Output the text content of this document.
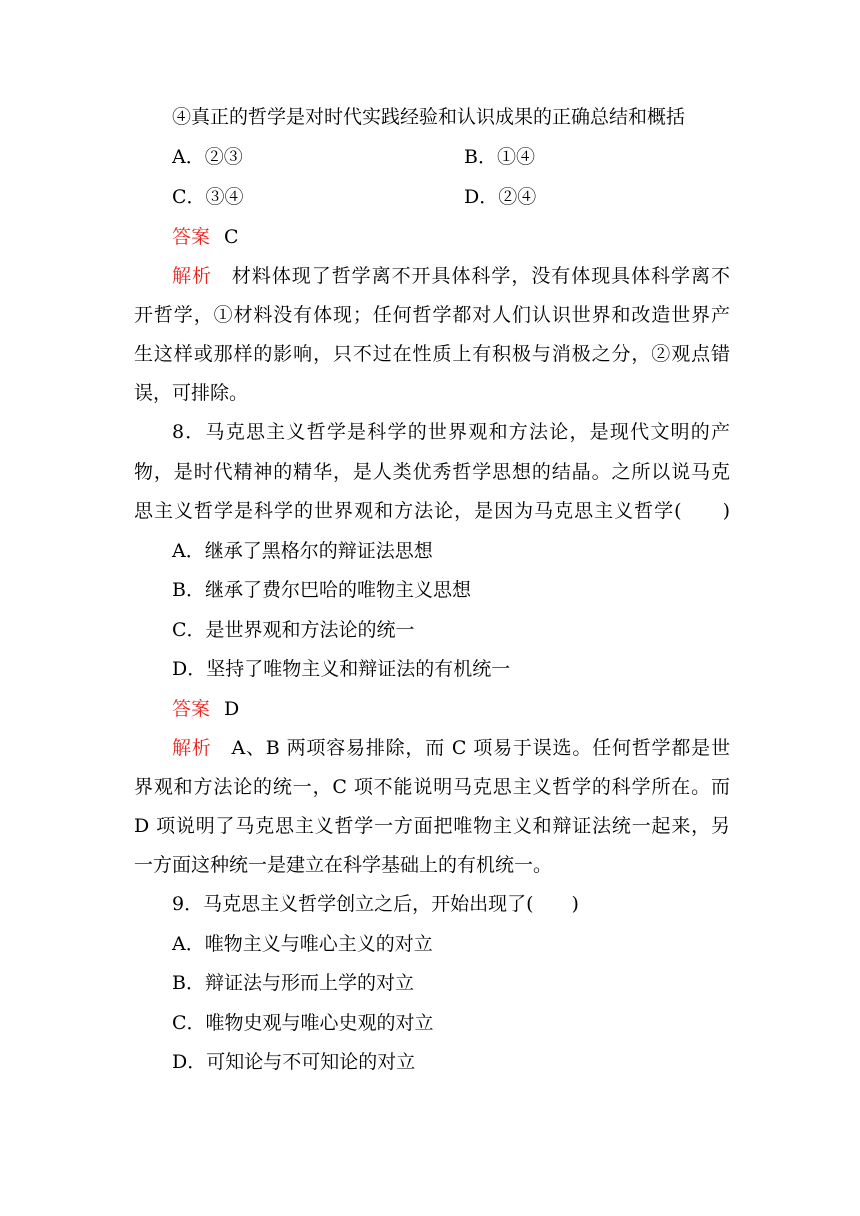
④真正的哲学是对时代实践经验和认识成果的正确总结和概括
A．②③	B．①④
C．③④	D．②④
答案 C
解析　 材料体现了哲学离不开具体科学，没有体现具体科学离不
开哲学，①材料没有体现；任何哲学都对人们认识世界和改造世界产
生这样或那样的影响，只不过在性质上有积极与消极之分，②观点错
误，可排除。
8．马克思主义哲学是科学的世界观和方法论，是现代文明的产
物，是时代精神的精华，是人类优秀哲学思想的结晶。之所以说马克
思主义哲学是科学的世界观和方法论，是因为马克思主义哲学(　　)
A．继承了黑格尔的辩证法思想
B．继承了费尔巴哈的唯物主义思想
C．是世界观和方法论的统一
D．坚持了唯物主义和辩证法的有机统一
答案 D
解析　 A、B 两项容易排除，而 C 项易于误选。任何哲学都是世
界观和方法论的统一，C 项不能说明马克思主义哲学的科学所在。而
D 项说明了马克思主义哲学一方面把唯物主义和辩证法统一起来，另
一方面这种统一是建立在科学基础上的有机统一。
9．马克思主义哲学创立之后，开始出现了(　　)
A．唯物主义与唯心主义的对立
B．辩证法与形而上学的对立
C．唯物史观与唯心史观的对立
D．可知论与不可知论的对立
